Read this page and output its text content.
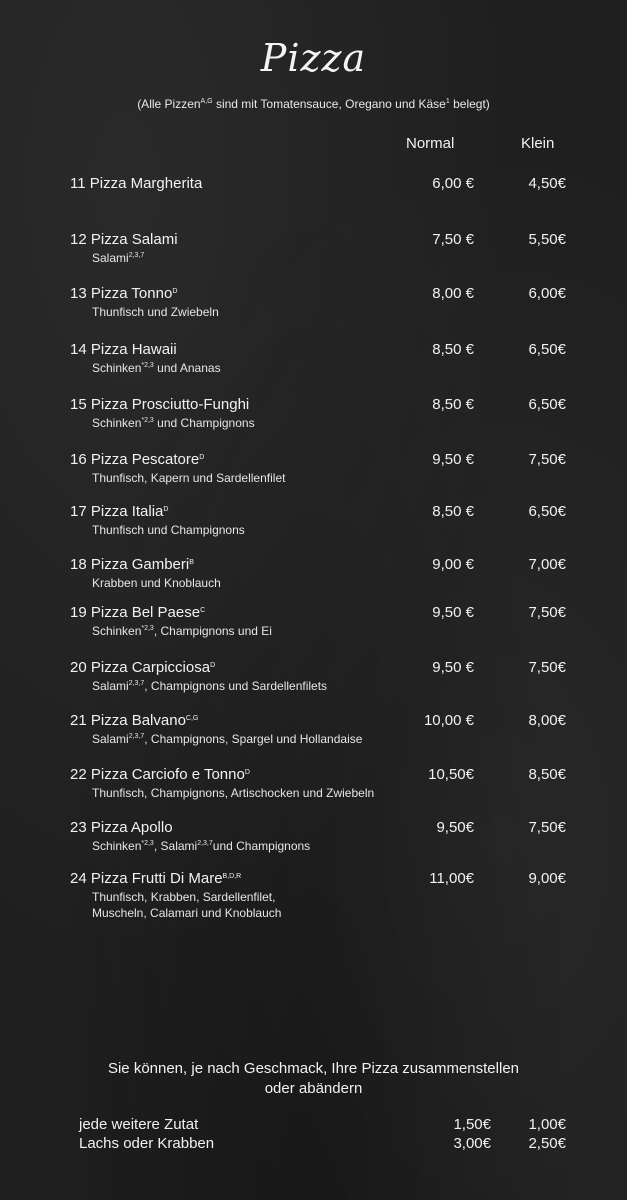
Pizza
(Alle Pizzen$^{A,G}$ sind mit Tomatensauce, Oregano und Käse$^1$ belegt)
Normal	Klein
11 Pizza Margherita	6,00 €	4,50€
12 Pizza Salami
Salami$^{2,3,7}$
7,50 €	5,50€
13 Pizza Tonno$^D$
Thunfisch und Zwiebeln
8,00 €	6,00€
14 Pizza Hawaii
Schinken$^{*2,3}$ und Ananas
8,50 €	6,50€
15 Pizza Prosciutto-Funghi
Schinken$^{*2,3}$ und Champignons
8,50 €	6,50€
16 Pizza Pescatore$^D$
Thunfisch, Kapern und Sardellenfilet
9,50 €	7,50€
17 Pizza Italia$^D$
Thunfisch und Champignons
8,50 €	6,50€
18 Pizza Gamberi$^B$
Krabben und Knoblauch
9,00 €	7,00€
19 Pizza Bel Paese$^C$
Schinken$^{*2,3}$, Champignons und Ei
9,50 €	7,50€
20 Pizza Carpicciosa$^D$
Salami$^{2,3,7}$, Champignons und Sardellenfilets
9,50 €	7,50€
21 Pizza Balvano$^{C,G}$
Salami$^{2,3,7}$, Champignons, Spargel und Hollandaise
10,00 €	8,00€
22 Pizza Carciofo e Tonno$^D$
Thunfisch, Champignons, Artischocken und Zwiebeln
10,50€	8,50€
23 Pizza Apollo
Schinken$^{*2,3}$, Salami$^{2,3,7}$und Champignons
9,50€	7,50€
24 Pizza Frutti Di Mare$^{B,D,R}$
Thunfisch, Krabben, Sardellenfilet,
Muscheln, Calamari und Knoblauch
11,00€	9,00€
Sie können, je nach Geschmack, Ihre Pizza zusammenstellen
oder abändern
jede weitere Zutat	1,50€ 1,00€
Lachs oder Krabben	3,00€ 2,50€
